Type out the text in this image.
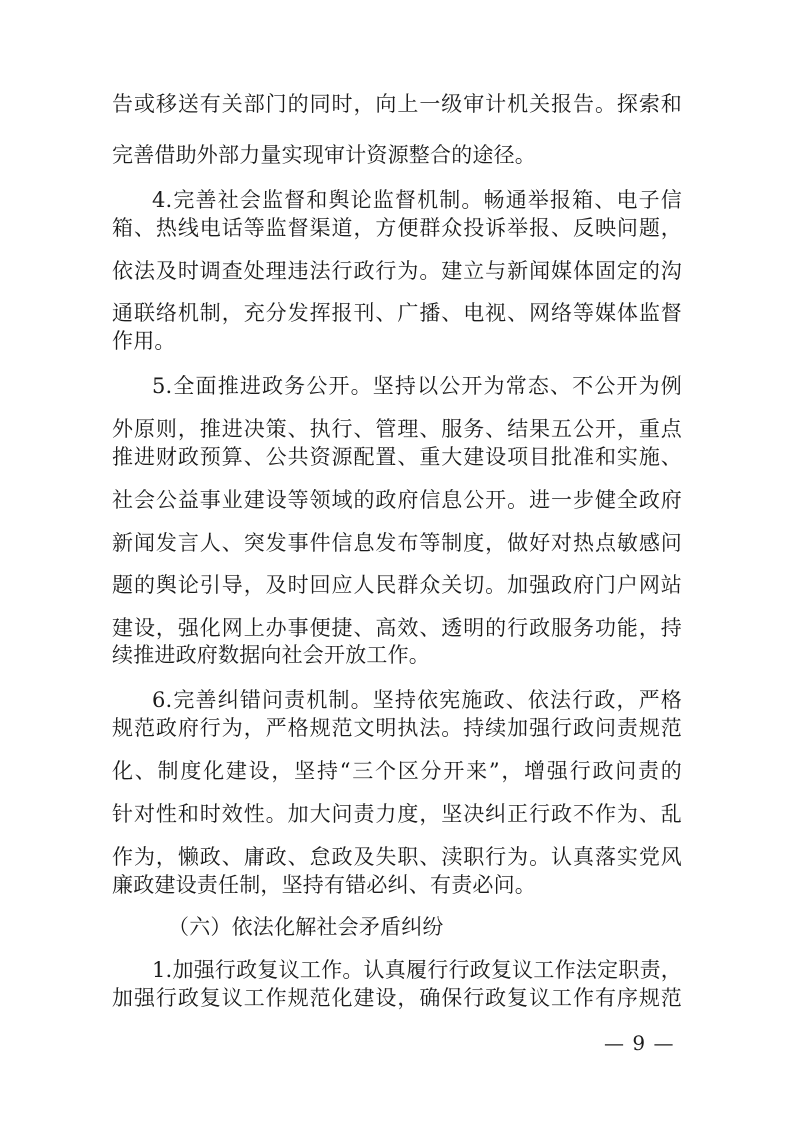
告或移送有关部门的同时，向上一级审计机关报告。探索和
完善借助外部力量实现审计资源整合的途径。
4.完善社会监督和舆论监督机制。畅通举报箱、电子信
箱、热线电话等监督渠道，方便群众投诉举报、反映问题，
依法及时调查处理违法行政行为。建立与新闻媒体固定的沟
通联络机制，充分发挥报刊、广播、电视、网络等媒体监督
作用。
5.全面推进政务公开。坚持以公开为常态、不公开为例
外原则，推进决策、执行、管理、服务、结果五公开，重点
推进财政预算、公共资源配置、重大建设项目批准和实施、
社会公益事业建设等领域的政府信息公开。进一步健全政府
新闻发言人、突发事件信息发布等制度，做好对热点敏感问
题的舆论引导，及时回应人民群众关切。加强政府门户网站
建设，强化网上办事便捷、高效、透明的行政服务功能，持
续推进政府数据向社会开放工作。
6.完善纠错问责机制。坚持依宪施政、依法行政，严格
规范政府行为，严格规范文明执法。持续加强行政问责规范
化、制度化建设，坚持“三个区分开来”，增强行政问责的
针对性和时效性。加大问责力度，坚决纠正行政不作为、乱
作为，懒政、庸政、怠政及失职、渎职行为。认真落实党风
廉政建设责任制，坚持有错必纠、有责必问。
（六）依法化解社会矛盾纠纷
1.加强行政复议工作。认真履行行政复议工作法定职责，
加强行政复议工作规范化建设，确保行政复议工作有序规范
— 9 —
